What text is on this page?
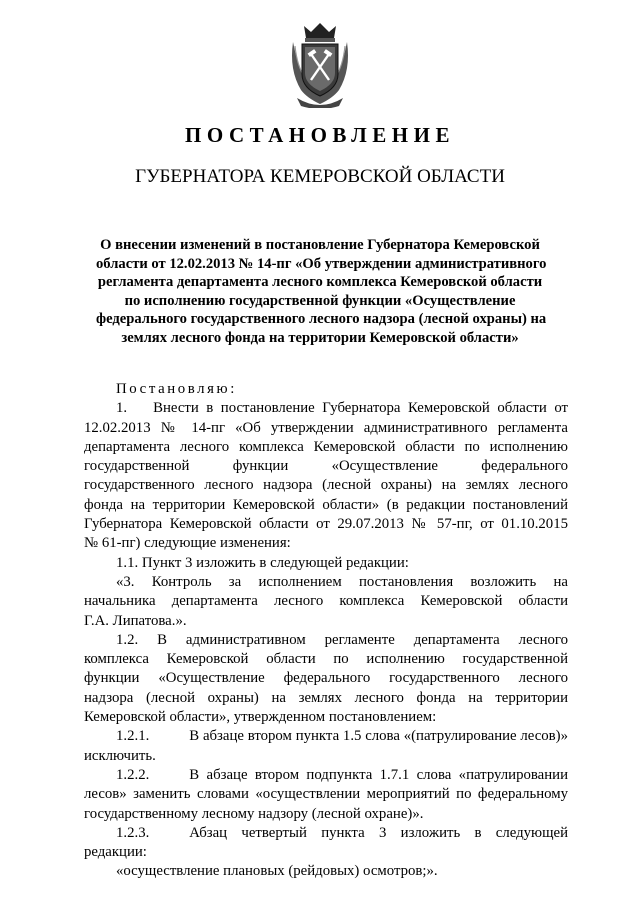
ПОСТАНОВЛЕНИЕ
ГУБЕРНАТОРА КЕМЕРОВСКОЙ ОБЛАСТИ
О внесении изменений в постановление Губернатора Кемеровской
области от 12.02.2013 № 14-пг «Об утверждении административного
регламента департамента лесного комплекса Кемеровской области
по исполнению государственной функции «Осуществление
федерального государственного лесного надзора (лесной охраны) на
землях лесного фонда на территории Кемеровской области»
Постановляю:
1. Внести в постановление Губернатора Кемеровской области от
12.02.2013 № 14-пг «Об утверждении административного регламента
департамента лесного комплекса Кемеровской области по исполнению
государственной функции «Осуществление федерального
государственного лесного надзора (лесной охраны) на землях лесного
фонда на территории Кемеровской области» (в редакции постановлений
Губернатора Кемеровской области от 29.07.2013 № 57-пг, от 01.10.2015
№ 61-пг) следующие изменения:
1.1. Пункт 3 изложить в следующей редакции:
«3. Контроль за исполнением постановления возложить на
начальника департамента лесного комплекса Кемеровской области
Г.А. Липатова.».
1.2. В административном регламенте департамента лесного
комплекса Кемеровской области по исполнению государственной
функции «Осуществление федерального государственного лесного
надзора (лесной охраны) на землях лесного фонда на территории
Кемеровской области», утвержденном постановлением:
1.2.1.	В абзаце втором пункта 1.5 слова «(патрулирование лесов)»
исключить.
1.2.2.	В абзаце втором подпункта 1.7.1 слова «патрулировании
лесов» заменить словами «осуществлении мероприятий по федеральному
государственному лесному надзору (лесной охране)».
1.2.3.	Абзац четвертый пункта 3 изложить в следующей
редакции:
«осуществление плановых (рейдовых) осмотров;».
